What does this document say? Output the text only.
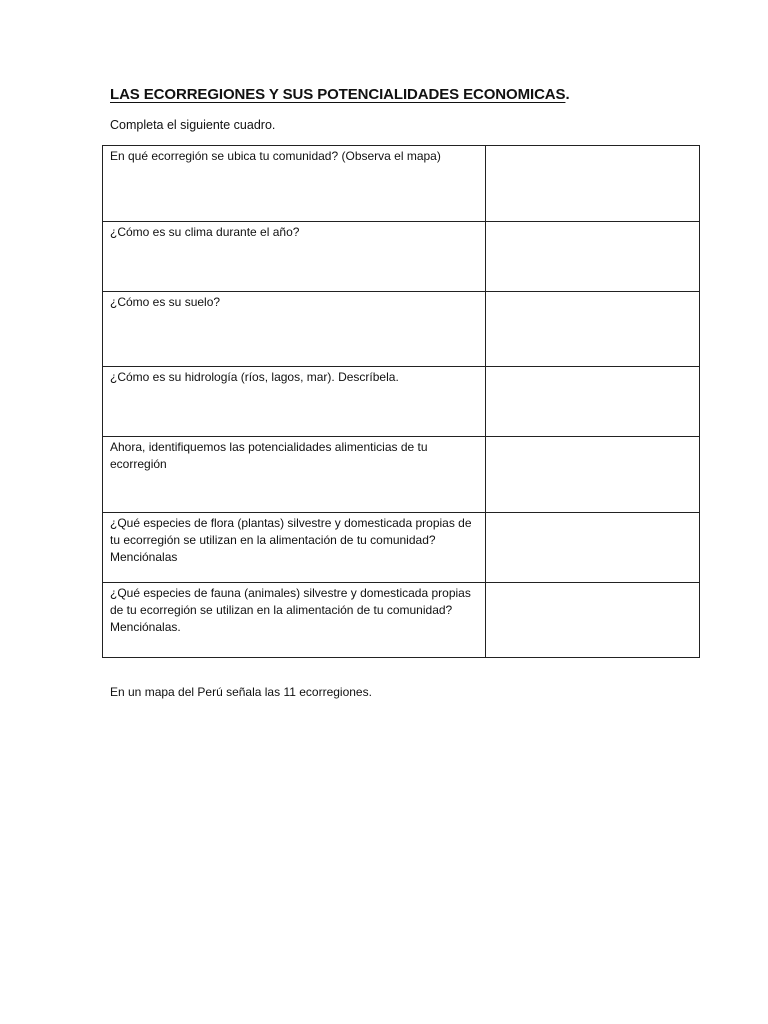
LAS ECORREGIONES Y SUS POTENCIALIDADES ECONOMICAS.
Completa el siguiente cuadro.
En qué ecorregión se ubica tu comunidad? (Observa el mapa)	
¿Cómo es su clima durante el año?	
¿Cómo es su suelo?	
¿Cómo es su hidrología (ríos, lagos, mar). Descríbela.	
Ahora, identifiquemos las potencialidades alimenticias de tu ecorregión	
¿Qué especies de flora (plantas) silvestre y domesticada propias de tu ecorregión se utilizan en la alimentación de tu comunidad? Menciónalas	
¿Qué especies de fauna (animales) silvestre y domesticada propias de tu ecorregión se utilizan en la alimentación de tu comunidad? Menciónalas.	
En un mapa del Perú señala las 11 ecorregiones.
